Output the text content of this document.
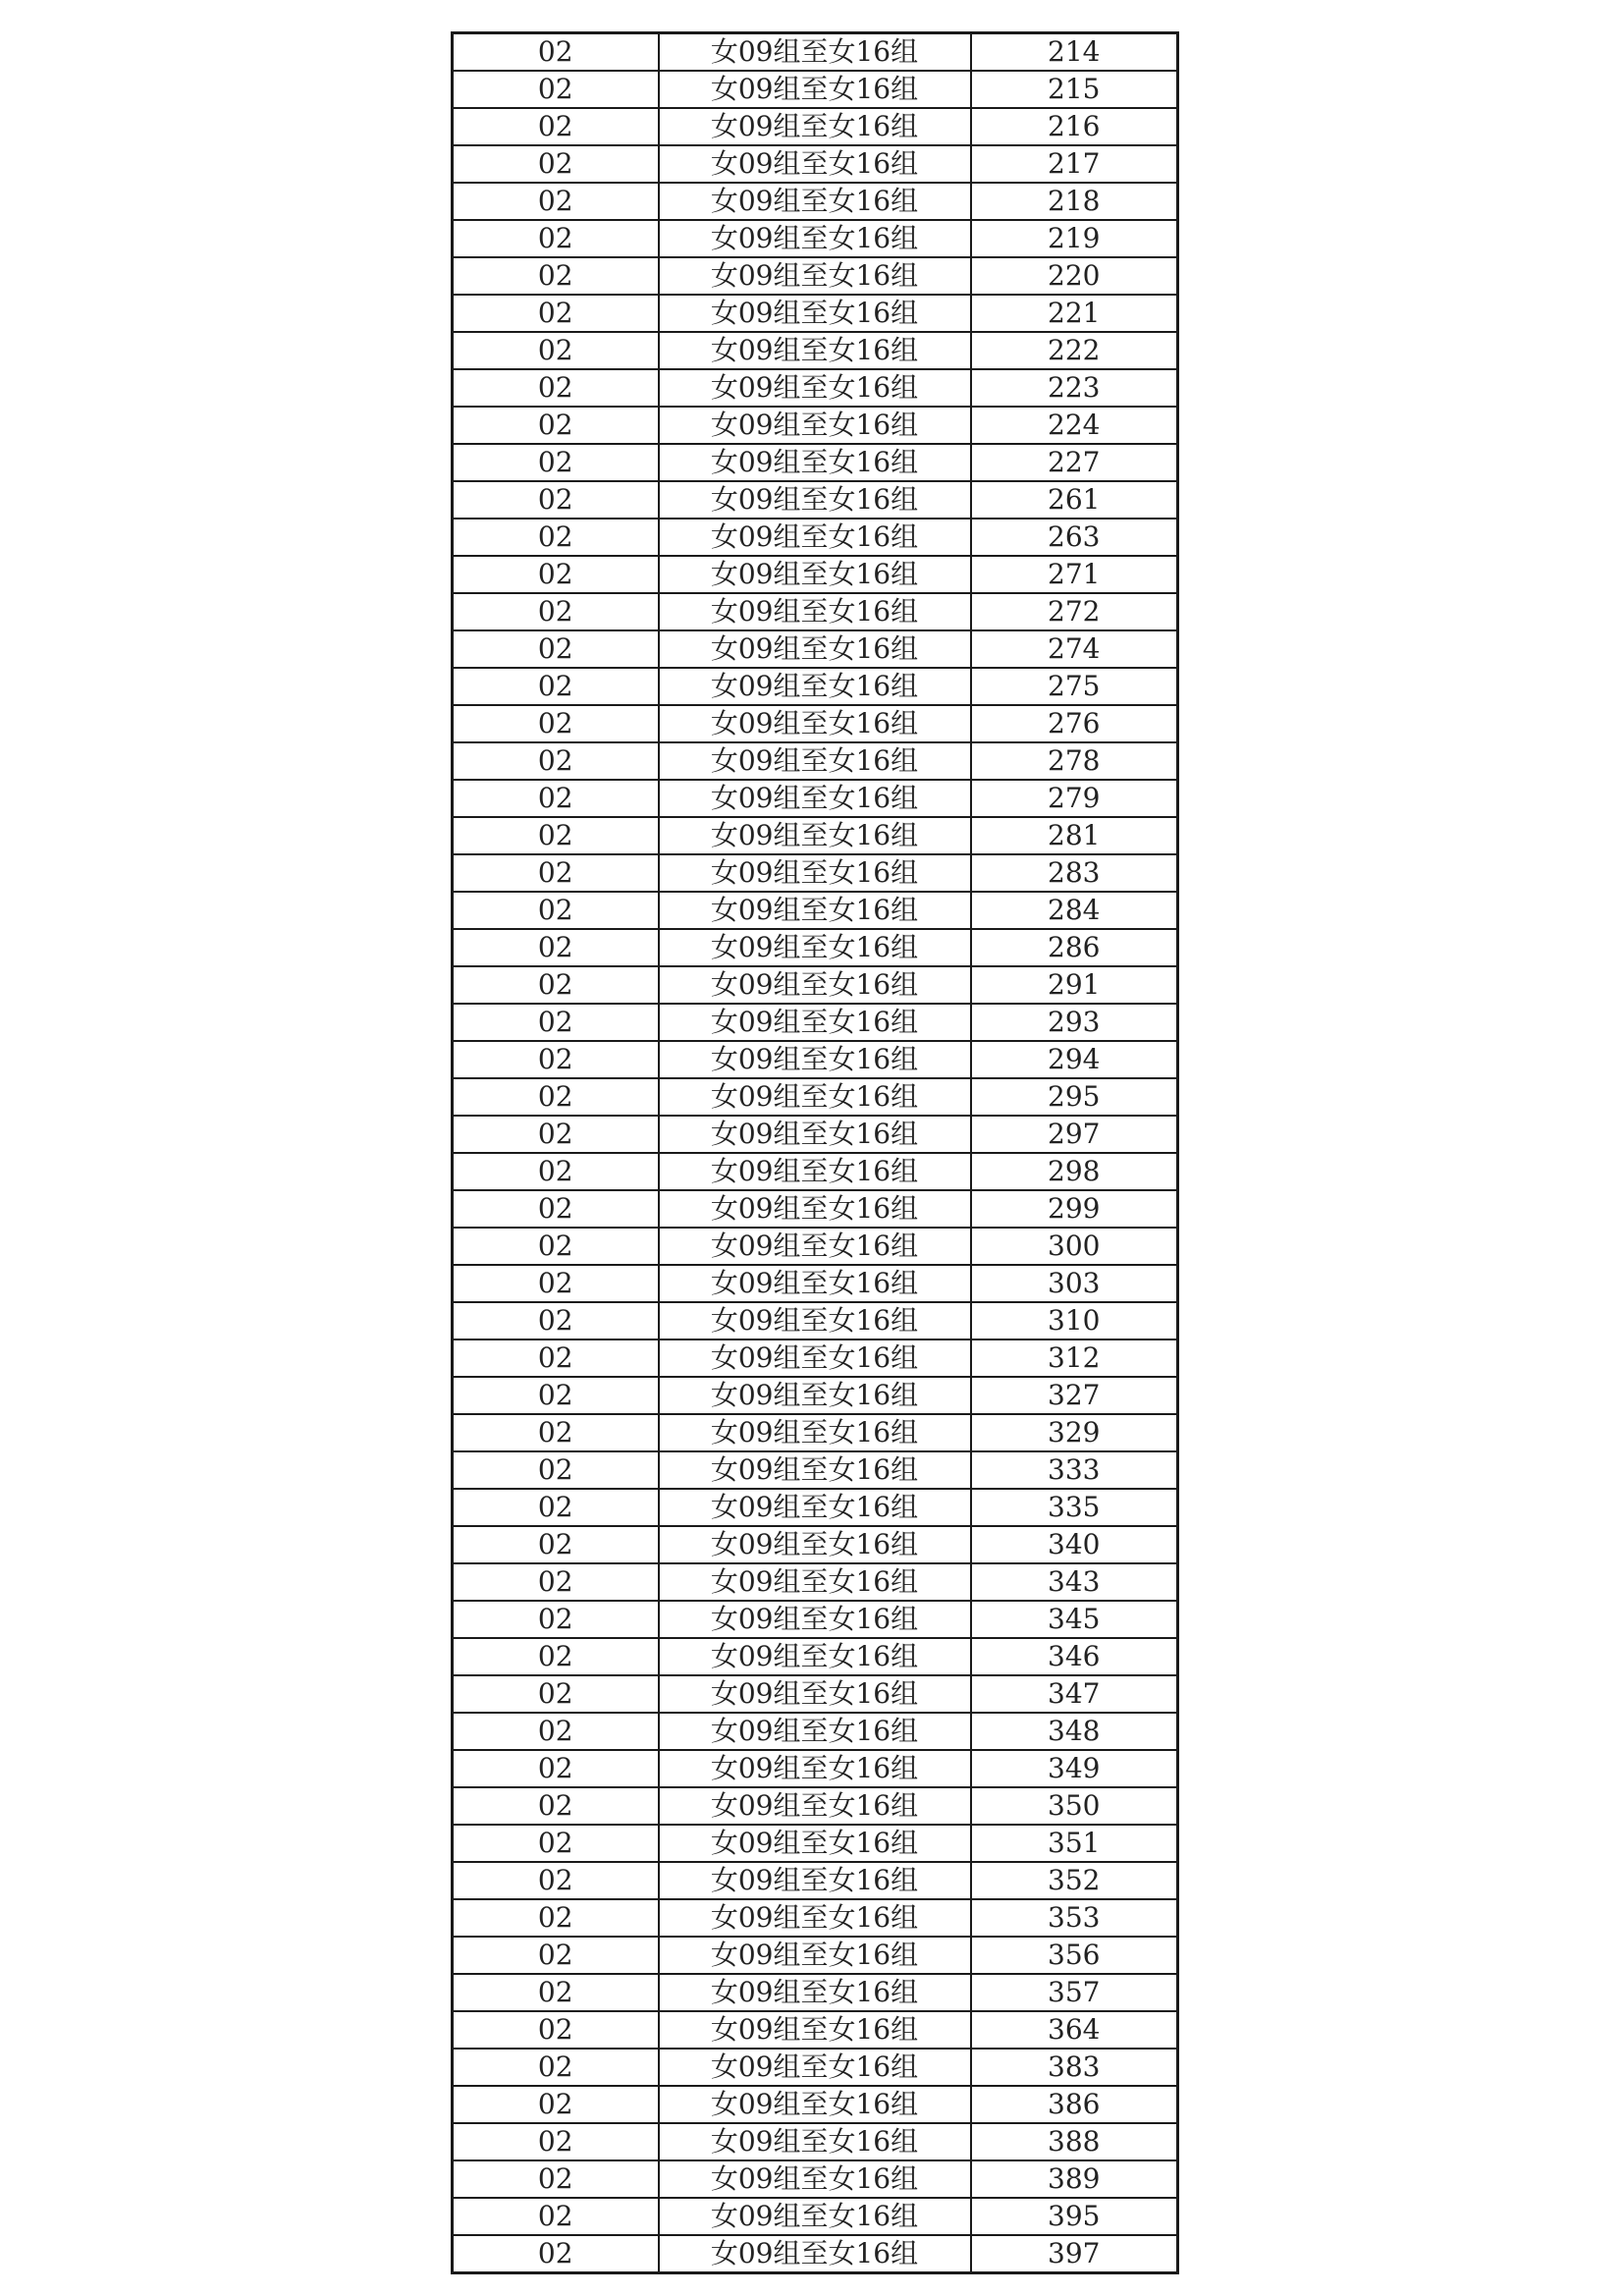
02	女09组至女16组	214
02	女09组至女16组	215
02	女09组至女16组	216
02	女09组至女16组	217
02	女09组至女16组	218
02	女09组至女16组	219
02	女09组至女16组	220
02	女09组至女16组	221
02	女09组至女16组	222
02	女09组至女16组	223
02	女09组至女16组	224
02	女09组至女16组	227
02	女09组至女16组	261
02	女09组至女16组	263
02	女09组至女16组	271
02	女09组至女16组	272
02	女09组至女16组	274
02	女09组至女16组	275
02	女09组至女16组	276
02	女09组至女16组	278
02	女09组至女16组	279
02	女09组至女16组	281
02	女09组至女16组	283
02	女09组至女16组	284
02	女09组至女16组	286
02	女09组至女16组	291
02	女09组至女16组	293
02	女09组至女16组	294
02	女09组至女16组	295
02	女09组至女16组	297
02	女09组至女16组	298
02	女09组至女16组	299
02	女09组至女16组	300
02	女09组至女16组	303
02	女09组至女16组	310
02	女09组至女16组	312
02	女09组至女16组	327
02	女09组至女16组	329
02	女09组至女16组	333
02	女09组至女16组	335
02	女09组至女16组	340
02	女09组至女16组	343
02	女09组至女16组	345
02	女09组至女16组	346
02	女09组至女16组	347
02	女09组至女16组	348
02	女09组至女16组	349
02	女09组至女16组	350
02	女09组至女16组	351
02	女09组至女16组	352
02	女09组至女16组	353
02	女09组至女16组	356
02	女09组至女16组	357
02	女09组至女16组	364
02	女09组至女16组	383
02	女09组至女16组	386
02	女09组至女16组	388
02	女09组至女16组	389
02	女09组至女16组	395
02	女09组至女16组	397
